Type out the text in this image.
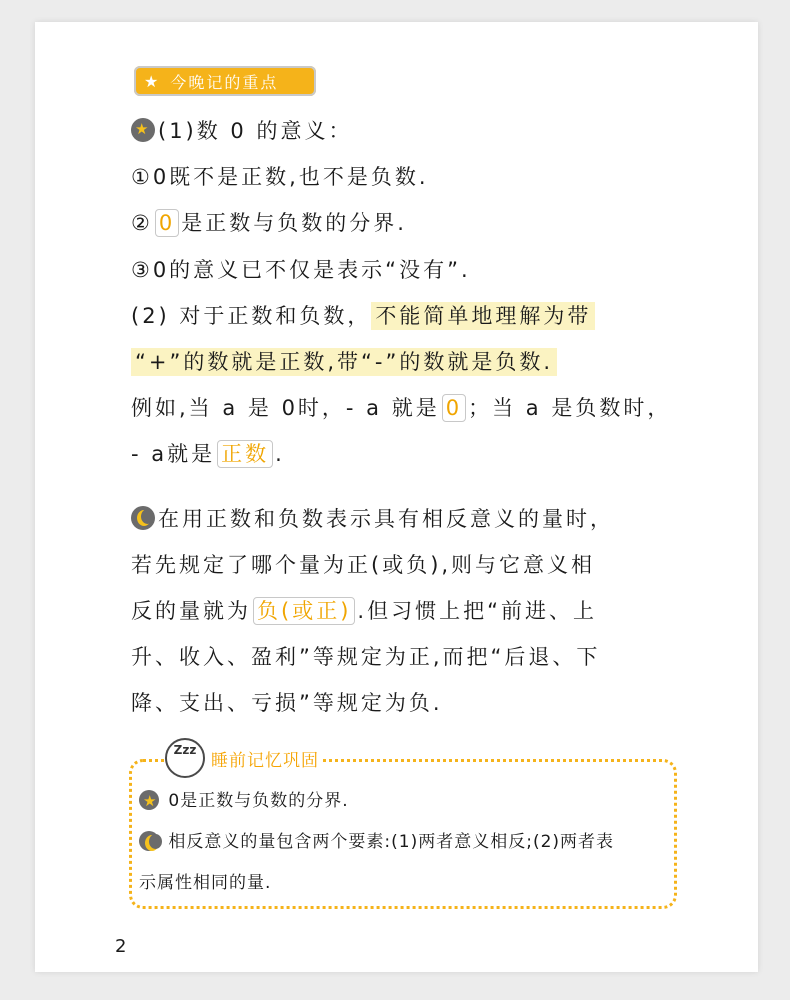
★ 今晚记的重点
★(1)数 0 的意义：
①0既不是正数,也不是负数.
② 0 是正数与负数的分界.
③0的意义已不仅是表示“没有”.
(2) 对于正数和负数， 不能简单地理解为带
“+”的数就是正数,带“-”的数就是负数.
例如,当 a 是 0时，- a 就是 0 ；当 a 是负数时，
- a就是 正数 .
在用正数和负数表示具有相反意义的量时，
若先规定了哪个量为正(或负),则与它意义相
反的量就为 负(或正) .但习惯上把“前进、上
升、收入、盈利”等规定为正,而把“后退、下
降、支出、亏损”等规定为负.
Zzz
睡前记忆巩固
★ 0是正数与负数的分界.
相反意义的量包含两个要素:(1)两者意义相反;(2)两者表
示属性相同的量.
2
